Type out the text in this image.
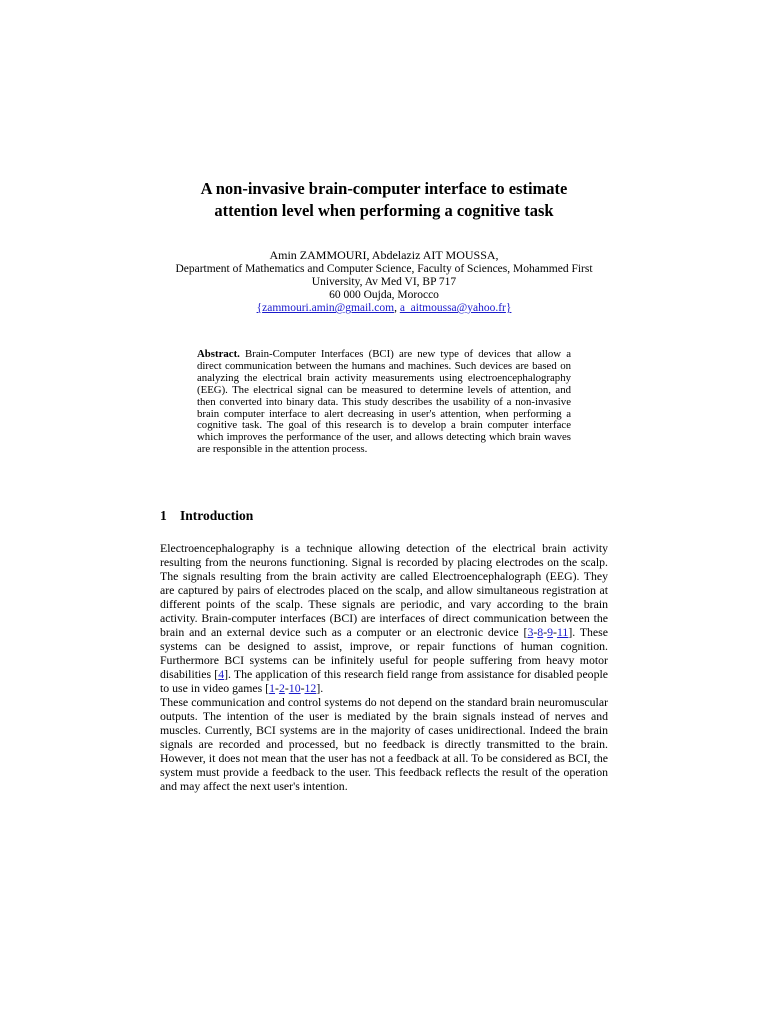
A non-invasive brain-computer interface to estimate
attention level when performing a cognitive task
Amin ZAMMOURI, Abdelaziz AIT MOUSSA,
Department of Mathematics and Computer Science, Faculty of Sciences, Mohammed First
University, Av Med VI, BP 717
60 000 Oujda, Morocco
{zammouri.amin@gmail.com, a_aitmoussa@yahoo.fr}
Abstract. Brain-Computer Interfaces (BCI) are new type of devices that allow a direct communication between the humans and machines. Such devices are based on analyzing the electrical brain activity measurements using electroencephalography (EEG). The electrical signal can be measured to determine levels of attention, and then converted into binary data. This study describes the usability of a non-invasive brain computer interface to alert decreasing in user's attention, when performing a cognitive task. The goal of this research is to develop a brain computer interface which improves the performance of the user, and allows detecting which brain waves are responsible in the attention process.
1 Introduction

Electroencephalography is a technique allowing detection of the electrical brain activity resulting from the neurons functioning. Signal is recorded by placing electrodes on the scalp. The signals resulting from the brain activity are called Electroencephalograph (EEG). They are captured by pairs of electrodes placed on the scalp, and allow simultaneous registration at different points of the scalp. These signals are periodic, and vary according to the brain activity. Brain-computer interfaces (BCI) are interfaces of direct communication between the brain and an external device such as a computer or an electronic device [3-8-9-11]. These systems can be designed to assist, improve, or repair functions of human cognition. Furthermore BCI systems can be infinitely useful for people suffering from heavy motor disabilities [4]. The application of this research field range from assistance for disabled people to use in video games [1-2-10-12].

These communication and control systems do not depend on the standard brain neuromuscular outputs. The intention of the user is mediated by the brain signals instead of nerves and muscles. Currently, BCI systems are in the majority of cases unidirectional. Indeed the brain signals are recorded and processed, but no feedback is directly transmitted to the brain. However, it does not mean that the user has not a feedback at all. To be considered as BCI, the system must provide a feedback to the user. This feedback reflects the result of the operation and may affect the next user's intention.
